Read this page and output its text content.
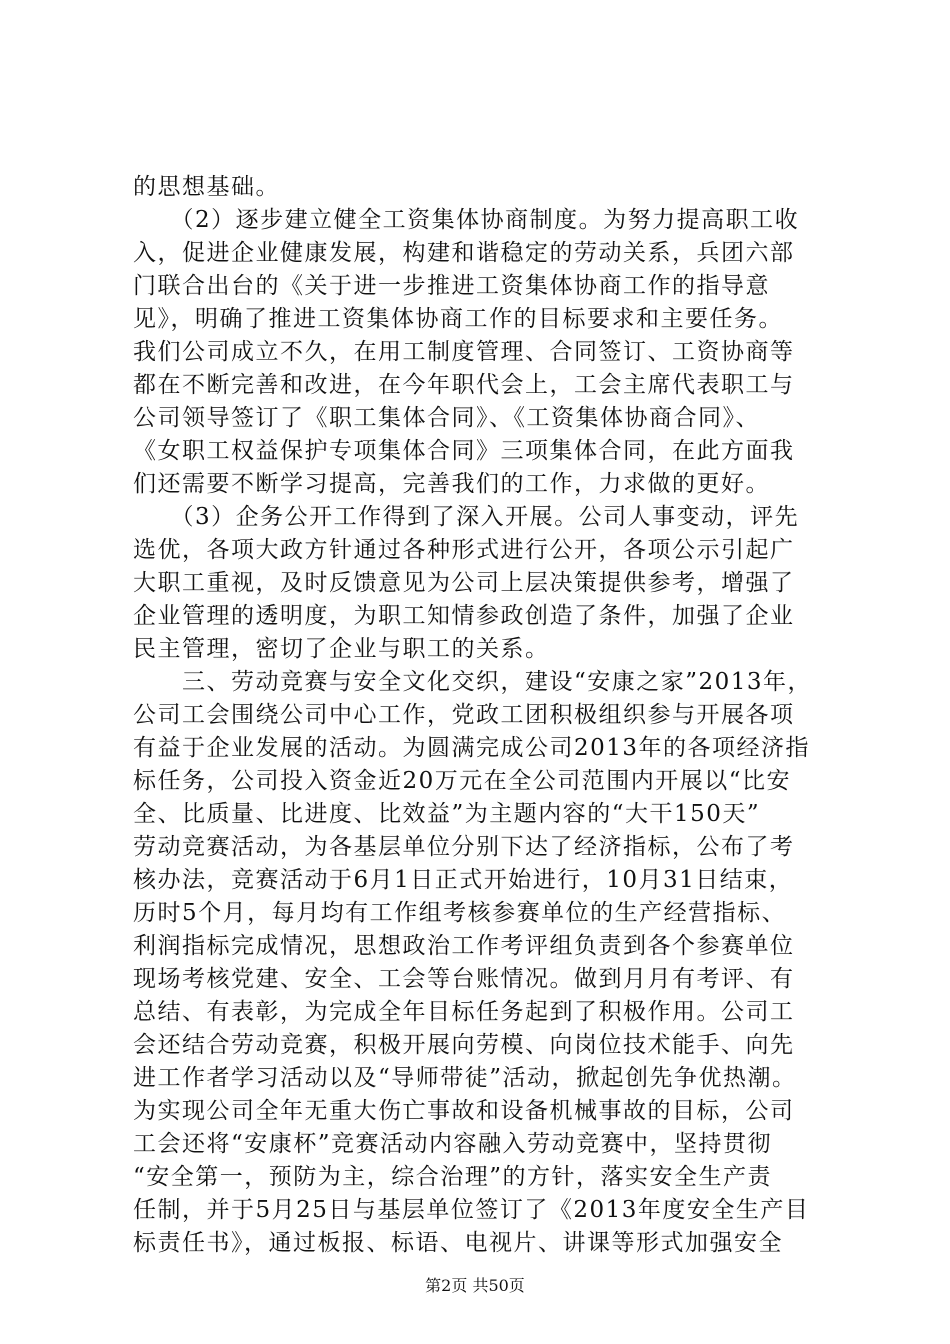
的思想基础。
　　（2）逐步建立健全工资集体协商制度。为努力提高职工收
入，促进企业健康发展，构建和谐稳定的劳动关系，兵团六部
门联合出台的《关于进一步推进工资集体协商工作的指导意
见》，明确了推进工资集体协商工作的目标要求和主要任务。
我们公司成立不久，在用工制度管理、合同签订、工资协商等
都在不断完善和改进，在今年职代会上，工会主席代表职工与
公司领导签订了《职工集体合同》、《工资集体协商合同》、
《女职工权益保护专项集体合同》三项集体合同，在此方面我
们还需要不断学习提高，完善我们的工作，力求做的更好。
　　（3）企务公开工作得到了深入开展。公司人事变动，评先
选优，各项大政方针通过各种形式进行公开，各项公示引起广
大职工重视，及时反馈意见为公司上层决策提供参考，增强了
企业管理的透明度，为职工知情参政创造了条件，加强了企业
民主管理，密切了企业与职工的关系。
　　三、劳动竞赛与安全文化交织，建设“安康之家”2013年，
公司工会围绕公司中心工作，党政工团积极组织参与开展各项
有益于企业发展的活动。为圆满完成公司2013年的各项经济指
标任务，公司投入资金近20万元在全公司范围内开展以“比安
全、比质量、比进度、比效益”为主题内容的“大干150天”
劳动竞赛活动，为各基层单位分别下达了经济指标，公布了考
核办法，竞赛活动于6月1日正式开始进行，10月31日结束，
历时5个月，每月均有工作组考核参赛单位的生产经营指标、
利润指标完成情况，思想政治工作考评组负责到各个参赛单位
现场考核党建、安全、工会等台账情况。做到月月有考评、有
总结、有表彰，为完成全年目标任务起到了积极作用。公司工
会还结合劳动竞赛，积极开展向劳模、向岗位技术能手、向先
进工作者学习活动以及“导师带徒”活动，掀起创先争优热潮。
为实现公司全年无重大伤亡事故和设备机械事故的目标，公司
工会还将“安康杯”竞赛活动内容融入劳动竞赛中，坚持贯彻
“安全第一，预防为主，综合治理”的方针，落实安全生产责
任制，并于5月25日与基层单位签订了《2013年度安全生产目
标责任书》，通过板报、标语、电视片、讲课等形式加强安全
第2页 共50页
